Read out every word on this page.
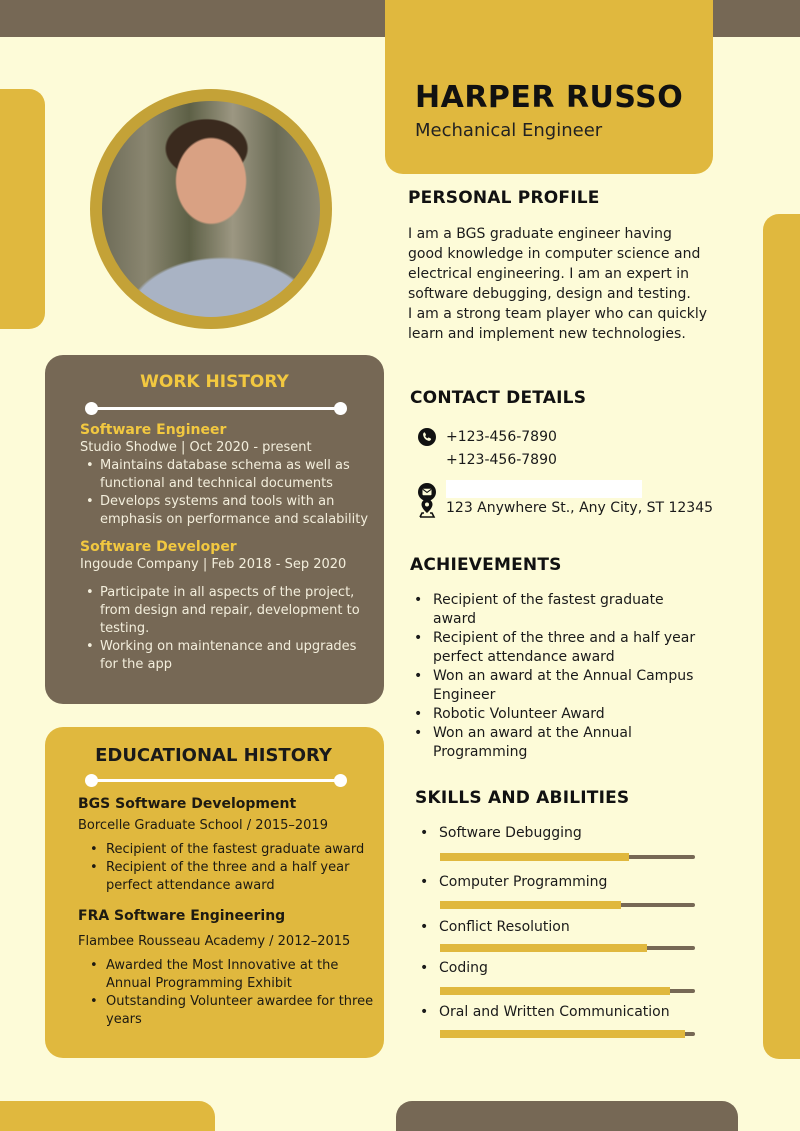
HARPER RUSSO
Mechanical Engineer
PERSONAL PROFILE
I am a BGS graduate engineer having
good knowledge in computer science and
electrical engineering. I am an expert in
software debugging, design and testing.
I am a strong team player who can quickly
learn and implement new technologies.
CONTACT DETAILS
+123-456-7890
+123-456-7890
123 Anywhere St., Any City, ST 12345
ACHIEVEMENTS
• Recipient of the fastest graduate
award
• Recipient of the three and a half year
perfect attendance award
• Won an award at the Annual Campus
Engineer
• Robotic Volunteer Award
• Won an award at the Annual
Programming
SKILLS AND ABILITIES
• Software Debugging
• Computer Programming
• Conflict Resolution
• Coding
• Oral and Written Communication
WORK HISTORY
Software Engineer
Studio Shodwe | Oct 2020 - present
• Maintains database schema as well as
functional and technical documents
• Develops systems and tools with an
emphasis on performance and scalability
Software Developer
Ingoude Company | Feb 2018 - Sep 2020
• Participate in all aspects of the project,
from design and repair, development to
testing.
• Working on maintenance and upgrades
for the app
EDUCATIONAL HISTORY
BGS Software Development
Borcelle Graduate School / 2015–2019
• Recipient of the fastest graduate award
• Recipient of the three and a half year
perfect attendance award
FRA Software Engineering
Flambee Rousseau Academy / 2012–2015
• Awarded the Most Innovative at the
Annual Programming Exhibit
• Outstanding Volunteer awardee for three
years
